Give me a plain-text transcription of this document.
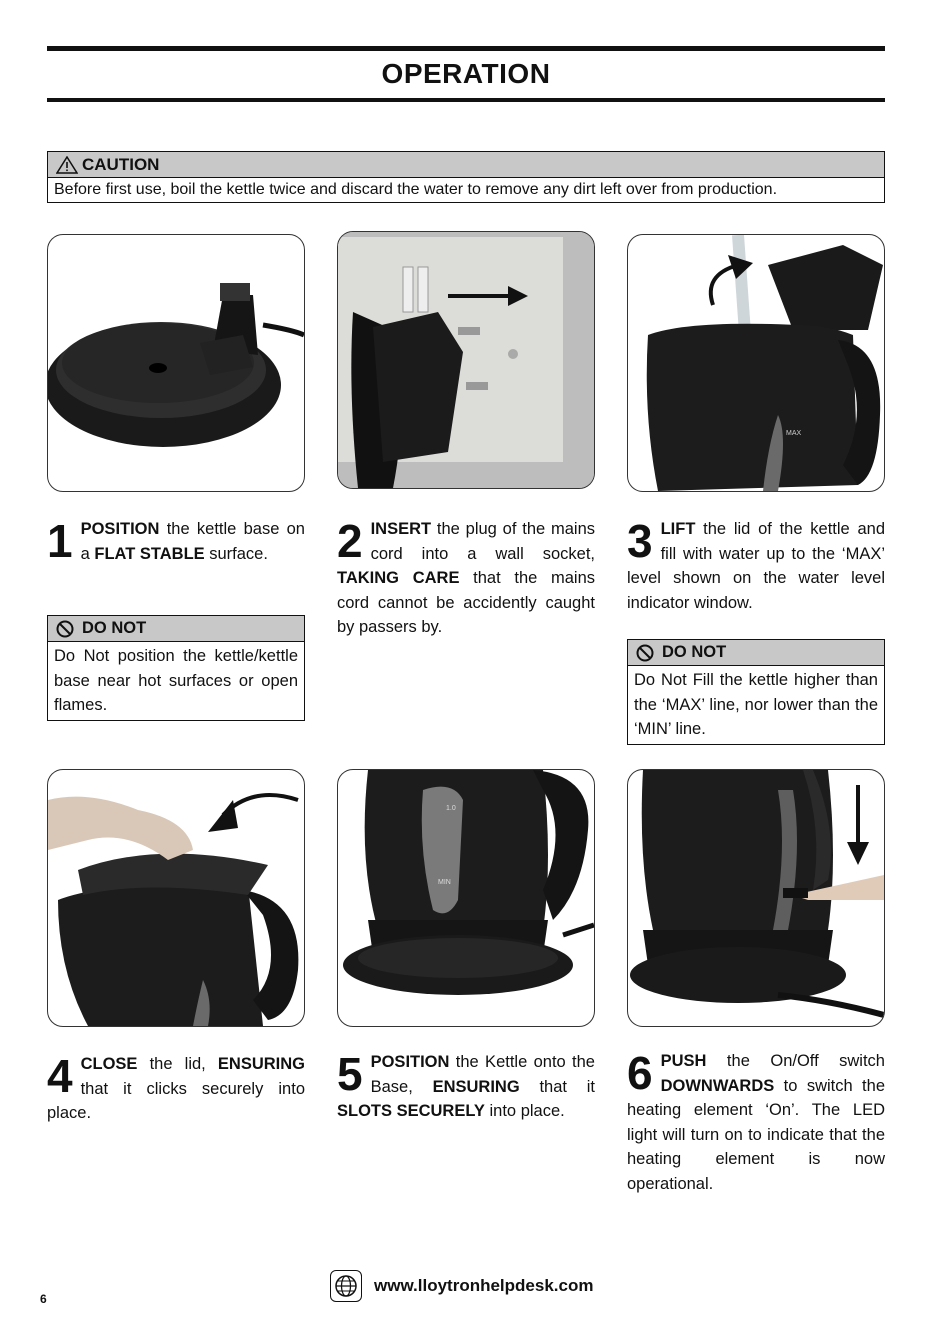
OPERATION
CAUTION
Before first use, boil the kettle twice and discard the water to remove any dirt left over from production.
MAX
1 POSITION the kettle base on a FLAT STABLE surface.	2 INSERT the plug of the mains cord into a wall socket, TAKING CARE that the mains cord cannot be accidently caught by passers by.
3 LIFT the lid of the kettle and fill with water up to the ‘MAX’ level shown on the water level indicator window.
DO NOT
Do Not position the kettle/kettle base near hot surfaces or open flames.
DO NOT
Do Not Fill the kettle higher than the ‘MAX’ line, nor lower than the ‘MIN’ line.
1.0
MIN
4 CLOSE the lid, ENSURING that it clicks securely into place.
5 POSITION the Kettle onto the Base, ENSURING that it SLOTS SECURELY into place.
6 PUSH the On/Off switch DOWNWARDS to switch the heating element ‘On’. The LED light will turn on to indicate that the heating element is now operational.
www.lloytronhelpdesk.com
6
